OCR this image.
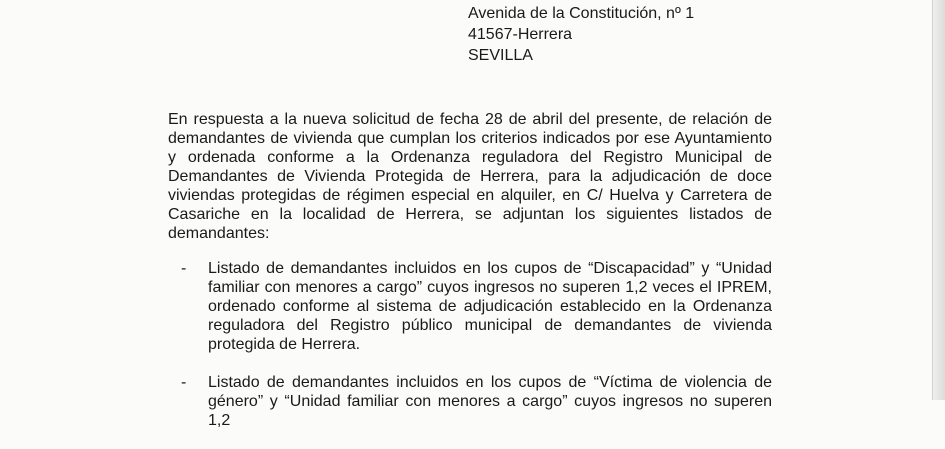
Avenida de la Constitución, nº 1
41567-Herrera
SEVILLA

En respuesta a la nueva solicitud de fecha 28 de abril del presente, de relación de demandantes de vivienda que cumplan los criterios indicados por ese Ayuntamiento y ordenada conforme a la Ordenanza reguladora del Registro Municipal de Demandantes de Vivienda Protegida de Herrera, para la adjudicación de doce viviendas protegidas de régimen especial en alquiler, en C/ Huelva y Carretera de Casariche en la localidad de Herrera, se adjuntan los siguientes listados de demandantes:

- Listado de demandantes incluidos en los cupos de “Discapacidad” y “Unidad familiar con menores a cargo” cuyos ingresos no superen 1,2 veces el IPREM, ordenado conforme al sistema de adjudicación establecido en la Ordenanza reguladora del Registro público municipal de demandantes de vivienda protegida de Herrera.
- Listado de demandantes incluidos en los cupos de “Víctima de violencia de género” y “Unidad familiar con menores a cargo” cuyos ingresos no superen 1,2
